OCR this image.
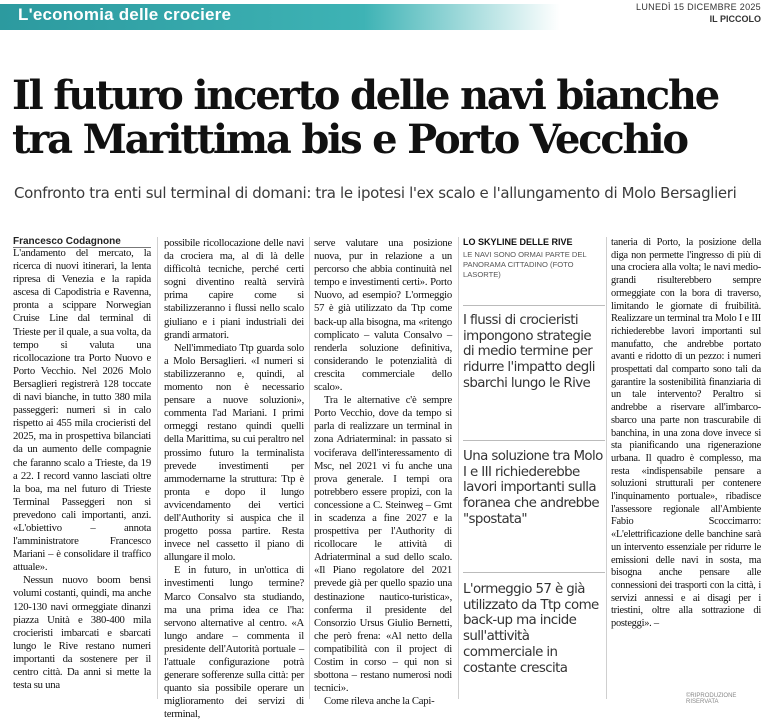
L'economia delle crociere	LUNEDÌ 15 DICEMBRE 2025
IL PICCOLO
Il futuro incerto delle navi bianche
tra Marittima bis e Porto Vecchio
Confronto tra enti sul terminal di domani: tra le ipotesi l'ex scalo e l'allungamento di Molo Bersaglieri
Francesco Codagnone

L'andamento del mercato, la ricerca di nuovi itinerari, la lenta ripresa di Venezia e la rapida ascesa di Capodistria e Ravenna, pronta a scippare Norwegian Cruise Line dal terminal di Trieste per il quale, a sua volta, da tempo si valuta una ricollocazione tra Porto Nuovo e Porto Vecchio. Nel 2026 Molo Bersaglieri registrerà 128 toccate di navi bianche, in tutto 380 mila passeggeri: numeri sì in calo rispetto ai 455 mila crocieristi del 2025, ma in prospettiva bilanciati da un aumento delle compagnie che faranno scalo a Trieste, da 19 a 22. I record vanno lasciati oltre la boa, ma nel futuro di Trieste Terminal Passeggeri non si prevedono cali importanti, anzi. «L'obiettivo – annota l'amministratore Francesco Mariani – è consolidare il traffico attuale».

Nessun nuovo boom bensì volumi costanti, quindi, ma anche 120-130 navi ormeggiate dinanzi piazza Unità e 380-400 mila crocieristi imbarcati e sbarcati lungo le Rive restano numeri importanti da sostenere per il centro città. Da anni si mette la testa su una

possibile ricollocazione delle navi da crociera ma, al di là delle difficoltà tecniche, perché certi sogni diventino realtà servirà prima capire come si stabilizzeranno i flussi nello scalo giuliano e i piani industriali dei grandi armatori.

Nell'immediato Ttp guarda solo a Molo Bersaglieri. «I numeri si stabilizzeranno e, quindi, al momento non è necessario pensare a nuove soluzioni», commenta l'ad Mariani. I primi ormeggi restano quindi quelli della Marittima, su cui peraltro nel prossimo futuro la terminalista prevede investimenti per ammodernarne la struttura: Ttp è pronta e dopo il lungo avvicendamento dei vertici dell'Authority si auspica che il progetto possa partire. Resta invece nel cassetto il piano di allungare il molo.

E in futuro, in un'ottica di investimenti lungo termine? Marco Consalvo sta studiando, ma una prima idea ce l'ha: servono alternative al centro. «A lungo andare – commenta il presidente dell'Autorità portuale – l'attuale configurazione potrà generare sofferenze sulla città: per quanto sia possibile operare un miglioramento dei servizi di terminal,

serve valutare una posizione nuova, pur in relazione a un percorso che abbia continuità nel tempo e investimenti certi». Porto Nuovo, ad esempio? L'ormeggio 57 è già utilizzato da Ttp come back-up alla bisogna, ma «ritengo complicato – valuta Consalvo – renderla soluzione definitiva, considerando le potenzialità di crescita commerciale dello scalo».

Tra le alternative c'è sempre Porto Vecchio, dove da tempo si parla di realizzare un terminal in zona Adriaterminal: in passato si vociferava dell'interessamento di Msc, nel 2021 vi fu anche una prova generale. I tempi ora potrebbero essere propizi, con la concessione a C. Steinweg – Gmt in scadenza a fine 2027 e la prospettiva per l'Authority di ricollocare le attività di Adriaterminal a sud dello scalo. «Il Piano regolatore del 2021 prevede già per quello spazio una destinazione nautico-turistica», conferma il presidente del Consorzio Ursus Giulio Bernetti, che però frena: «Al netto della compatibilità con il project di Costim in corso – qui non si sbottona – restano numerosi nodi tecnici».

Come rileva anche la Capi-

LO SKYLINE DELLE RIVE
LE NAVI SONO ORMAI PARTE DEL PANORAMA CITTADINO (FOTO LASORTE)
I flussi di crocieristi impongono strategie di medio termine per ridurre l'impatto degli sbarchi lungo le Rive
Una soluzione tra Molo I e III richiederebbe lavori importanti sulla foranea che andrebbe "spostata"
L'ormeggio 57 è già utilizzato da Ttp come back-up ma incide sull'attività commerciale in costante crescita

taneria di Porto, la posizione della diga non permette l'ingresso di più di una crociera alla volta; le navi medio-grandi risulterebbero sempre ormeggiate con la bora di traverso, limitando le giornate di fruibilità. Realizzare un terminal tra Molo I e III richiederebbe lavori importanti sul manufatto, che andrebbe portato avanti e ridotto di un pezzo: i numeri prospettati dal comparto sono tali da garantire la sostenibilità finanziaria di un tale intervento? Peraltro si andrebbe a riservare all'imbarco-sbarco una parte non trascurabile di banchina, in una zona dove invece si sta pianificando una rigenerazione urbana. Il quadro è complesso, ma resta «indispensabile pensare a soluzioni strutturali per contenere l'inquinamento portuale», ribadisce l'assessore regionale all'Ambiente Fabio Scoccimarro: «L'elettrificazione delle banchine sarà un intervento essenziale per ridurre le emissioni delle navi in sosta, ma bisogna anche pensare alle connessioni dei trasporti con la città, i servizi annessi e ai disagi per i triestini, oltre alla sottrazione di posteggi». –

©RIPRODUZIONE RISERVATA
